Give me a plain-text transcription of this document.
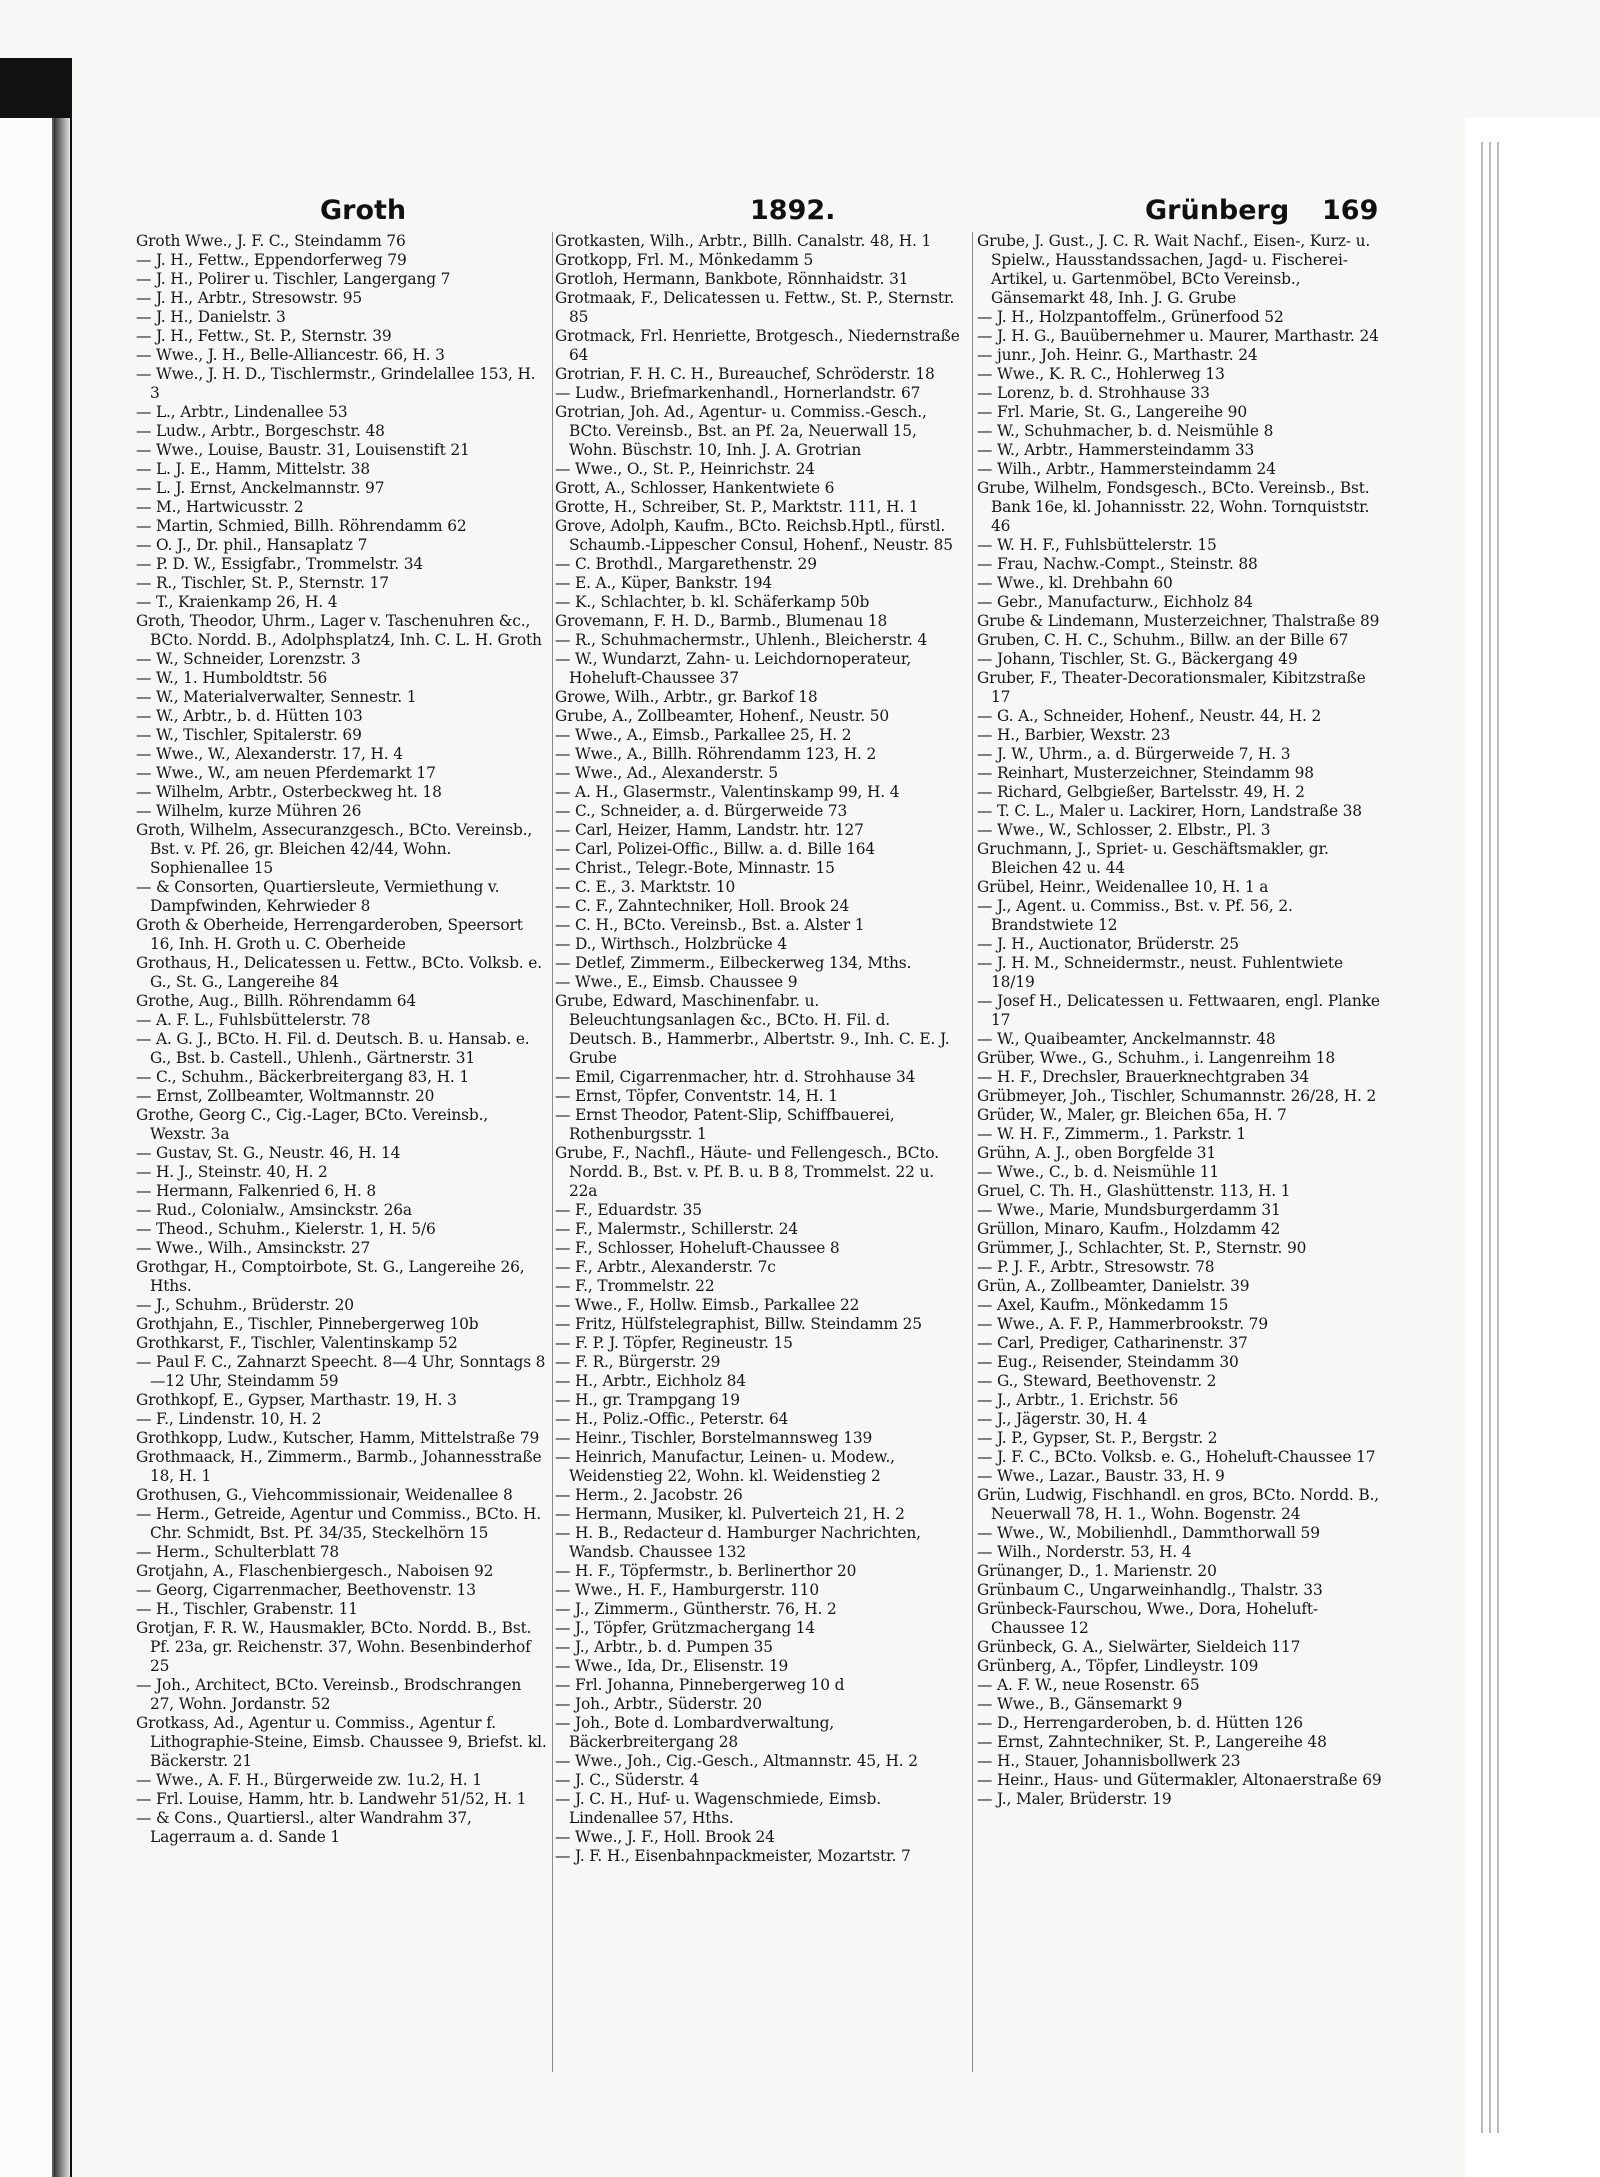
Groth	1892.	Grünberg 169
Groth Wwe., J. F. C., Steindamm 76
— J. H., Fettw., Eppendorferweg 79
— J. H., Polirer u. Tischler, Langergang 7
— J. H., Arbtr., Stresowstr. 95
— J. H., Danielstr. 3
— J. H., Fettw., St. P., Sternstr. 39
— Wwe., J. H., Belle-Alliancestr. 66, H. 3
— Wwe., J. H. D., Tischlermstr., Grindelallee 153, H. 3
— L., Arbtr., Lindenallee 53
— Ludw., Arbtr., Borgeschstr. 48
— Wwe., Louise, Baustr. 31, Louisenstift 21
— L. J. E., Hamm, Mittelstr. 38
— L. J. Ernst, Anckelmannstr. 97
— M., Hartwicusstr. 2
— Martin, Schmied, Billh. Röhrendamm 62
— O. J., Dr. phil., Hansaplatz 7
— P. D. W., Essigfabr., Trommelstr. 34
— R., Tischler, St. P., Sternstr. 17
— T., Kraienkamp 26, H. 4
Groth, Theodor, Uhrm., Lager v. Taschenuhren &c., BCto. Nordd. B., Adolphsplatz4, Inh. C. L. H. Groth
— W., Schneider, Lorenzstr. 3
— W., 1. Humboldtstr. 56
— W., Materialverwalter, Sennestr. 1
— W., Arbtr., b. d. Hütten 103
— W., Tischler, Spitalerstr. 69
— Wwe., W., Alexanderstr. 17, H. 4
— Wwe., W., am neuen Pferdemarkt 17
— Wilhelm, Arbtr., Osterbeckweg ht. 18
— Wilhelm, kurze Mühren 26
Groth, Wilhelm, Assecuranzgesch., BCto. Vereinsb., Bst. v. Pf. 26, gr. Bleichen 42/44, Wohn. Sophienallee 15
— & Consorten, Quartiersleute, Vermiethung v. Dampfwinden, Kehrwieder 8
Groth & Oberheide, Herrengarderoben, Speersort 16, Inh. H. Groth u. C. Oberheide
Grothaus, H., Delicatessen u. Fettw., BCto. Volksb. e. G., St. G., Langereihe 84
Grothe, Aug., Billh. Röhrendamm 64
— A. F. L., Fuhlsbüttelerstr. 78
— A. G. J., BCto. H. Fil. d. Deutsch. B. u. Hansab. e. G., Bst. b. Castell., Uhlenh., Gärtnerstr. 31
— C., Schuhm., Bäckerbreitergang 83, H. 1
— Ernst, Zollbeamter, Woltmannstr. 20
Grothe, Georg C., Cig.-Lager, BCto. Vereinsb., Wexstr. 3a
— Gustav, St. G., Neustr. 46, H. 14
— H. J., Steinstr. 40, H. 2
— Hermann, Falkenried 6, H. 8
— Rud., Colonialw., Amsinckstr. 26a
— Theod., Schuhm., Kielerstr. 1, H. 5/6
— Wwe., Wilh., Amsinckstr. 27
Grothgar, H., Comptoirbote, St. G., Langereihe 26, Hths.
— J., Schuhm., Brüderstr. 20
Grothjahn, E., Tischler, Pinnebergerweg 10b
Grothkarst, F., Tischler, Valentinskamp 52
— Paul F. C., Zahnarzt Speecht. 8—4 Uhr, Sonntags 8—12 Uhr, Steindamm 59
Grothkopf, E., Gypser, Marthastr. 19, H. 3
— F., Lindenstr. 10, H. 2
Grothkopp, Ludw., Kutscher, Hamm, Mittelstraße 79
Grothmaack, H., Zimmerm., Barmb., Johannesstraße 18, H. 1
Grothusen, G., Viehcommissionair, Weidenallee 8
— Herm., Getreide, Agentur und Commiss., BCto. H. Chr. Schmidt, Bst. Pf. 34/35, Steckelhörn 15
— Herm., Schulterblatt 78
Grotjahn, A., Flaschenbiergesch., Naboisen 92
— Georg, Cigarrenmacher, Beethovenstr. 13
— H., Tischler, Grabenstr. 11
Grotjan, F. R. W., Hausmakler, BCto. Nordd. B., Bst. Pf. 23a, gr. Reichenstr. 37, Wohn. Besenbinderhof 25
— Joh., Architect, BCto. Vereinsb., Brodschrangen 27, Wohn. Jordanstr. 52
Grotkass, Ad., Agentur u. Commiss., Agentur f. Lithographie-Steine, Eimsb. Chaussee 9, Briefst. kl. Bäckerstr. 21
— Wwe., A. F. H., Bürgerweide zw. 1u.2, H. 1
— Frl. Louise, Hamm, htr. b. Landwehr 51/52, H. 1
— & Cons., Quartiersl., alter Wandrahm 37, Lagerraum a. d. Sande 1
Grotkasten, Wilh., Arbtr., Billh. Canalstr. 48, H. 1
Grotkopp, Frl. M., Mönkedamm 5
Grotloh, Hermann, Bankbote, Rönnhaidstr. 31
Grotmaak, F., Delicatessen u. Fettw., St. P., Sternstr. 85
Grotmack, Frl. Henriette, Brotgesch., Niedernstraße 64
Grotrian, F. H. C. H., Bureauchef, Schröderstr. 18
— Ludw., Briefmarkenhandl., Hornerlandstr. 67
Grotrian, Joh. Ad., Agentur- u. Commiss.-Gesch., BCto. Vereinsb., Bst. an Pf. 2a, Neuerwall 15, Wohn. Büschstr. 10, Inh. J. A. Grotrian
— Wwe., O., St. P., Heinrichstr. 24
Grott, A., Schlosser, Hankentwiete 6
Grotte, H., Schreiber, St. P., Marktstr. 111, H. 1
Grove, Adolph, Kaufm., BCto. Reichsb.Hptl., fürstl. Schaumb.-Lippescher Consul, Hohenf., Neustr. 85
— C. Brothdl., Margarethenstr. 29
— E. A., Küper, Bankstr. 194
— K., Schlachter, b. kl. Schäferkamp 50b
Grovemann, F. H. D., Barmb., Blumenau 18
— R., Schuhmachermstr., Uhlenh., Bleicherstr. 4
— W., Wundarzt, Zahn- u. Leichdornoperateur, Hoheluft-Chaussee 37
Growe, Wilh., Arbtr., gr. Barkof 18
Grube, A., Zollbeamter, Hohenf., Neustr. 50
— Wwe., A., Eimsb., Parkallee 25, H. 2
— Wwe., A., Billh. Röhrendamm 123, H. 2
— Wwe., Ad., Alexanderstr. 5
— A. H., Glasermstr., Valentinskamp 99, H. 4
— C., Schneider, a. d. Bürgerweide 73
— Carl, Heizer, Hamm, Landstr. htr. 127
— Carl, Polizei-Offic., Billw. a. d. Bille 164
— Christ., Telegr.-Bote, Minnastr. 15
— C. E., 3. Marktstr. 10
— C. F., Zahntechniker, Holl. Brook 24
— C. H., BCto. Vereinsb., Bst. a. Alster 1
— D., Wirthsch., Holzbrücke 4
— Detlef, Zimmerm., Eilbeckerweg 134, Mths.
— Wwe., E., Eimsb. Chaussee 9
Grube, Edward, Maschinenfabr. u. Beleuchtungsanlagen &c., BCto. H. Fil. d. Deutsch. B., Hammerbr., Albertstr. 9., Inh. C. E. J. Grube
— Emil, Cigarrenmacher, htr. d. Strohhause 34
— Ernst, Töpfer, Conventstr. 14, H. 1
— Ernst Theodor, Patent-Slip, Schiffbauerei, Rothenburgsstr. 1
Grube, F., Nachfl., Häute- und Fellengesch., BCto. Nordd. B., Bst. v. Pf. B. u. B 8, Trommelst. 22 u. 22a
— F., Eduardstr. 35
— F., Malermstr., Schillerstr. 24
— F., Schlosser, Hoheluft-Chaussee 8
— F., Arbtr., Alexanderstr. 7c
— F., Trommelstr. 22
— Wwe., F., Hollw. Eimsb., Parkallee 22
— Fritz, Hülfstelegraphist, Billw. Steindamm 25
— F. P. J. Töpfer, Regineustr. 15
— F. R., Bürgerstr. 29
— H., Arbtr., Eichholz 84
— H., gr. Trampgang 19
— H., Poliz.-Offic., Peterstr. 64
— Heinr., Tischler, Borstelmannsweg 139
— Heinrich, Manufactur, Leinen- u. Modew., Weidenstieg 22, Wohn. kl. Weidenstieg 2
— Herm., 2. Jacobstr. 26
— Hermann, Musiker, kl. Pulverteich 21, H. 2
— H. B., Redacteur d. Hamburger Nachrichten, Wandsb. Chaussee 132
— H. F., Töpfermstr., b. Berlinerthor 20
— Wwe., H. F., Hamburgerstr. 110
— J., Zimmerm., Güntherstr. 76, H. 2
— J., Töpfer, Grützmachergang 14
— J., Arbtr., b. d. Pumpen 35
— Wwe., Ida, Dr., Elisenstr. 19
— Frl. Johanna, Pinnebergerweg 10 d
— Joh., Arbtr., Süderstr. 20
— Joh., Bote d. Lombardverwaltung, Bäckerbreitergang 28
— Wwe., Joh., Cig.-Gesch., Altmannstr. 45, H. 2
— J. C., Süderstr. 4
— J. C. H., Huf- u. Wagenschmiede, Eimsb. Lindenallee 57, Hths.
— Wwe., J. F., Holl. Brook 24
— J. F. H., Eisenbahnpackmeister, Mozartstr. 7
Grube, J. Gust., J. C. R. Wait Nachf., Eisen-, Kurz- u. Spielw., Hausstandssachen, Jagd- u. Fischerei-Artikel, u. Gartenmöbel, BCto Vereinsb., Gänsemarkt 48, Inh. J. G. Grube
— J. H., Holzpantoffelm., Grünerfood 52
— J. H. G., Bauübernehmer u. Maurer, Marthastr. 24
— junr., Joh. Heinr. G., Marthastr. 24
— Wwe., K. R. C., Hohlerweg 13
— Lorenz, b. d. Strohhause 33
— Frl. Marie, St. G., Langereihe 90
— W., Schuhmacher, b. d. Neismühle 8
— W., Arbtr., Hammersteindamm 33
— Wilh., Arbtr., Hammersteindamm 24
Grube, Wilhelm, Fondsgesch., BCto. Vereinsb., Bst. Bank 16e, kl. Johannisstr. 22, Wohn. Tornquiststr. 46
— W. H. F., Fuhlsbüttelerstr. 15
— Frau, Nachw.-Compt., Steinstr. 88
— Wwe., kl. Drehbahn 60
— Gebr., Manufacturw., Eichholz 84
Grube & Lindemann, Musterzeichner, Thalstraße 89
Gruben, C. H. C., Schuhm., Billw. an der Bille 67
— Johann, Tischler, St. G., Bäckergang 49
Gruber, F., Theater-Decorationsmaler, Kibitzstraße 17
— G. A., Schneider, Hohenf., Neustr. 44, H. 2
— H., Barbier, Wexstr. 23
— J. W., Uhrm., a. d. Bürgerweide 7, H. 3
— Reinhart, Musterzeichner, Steindamm 98
— Richard, Gelbgießer, Bartelsstr. 49, H. 2
— T. C. L., Maler u. Lackirer, Horn, Landstraße 38
— Wwe., W., Schlosser, 2. Elbstr., Pl. 3
Gruchmann, J., Spriet- u. Geschäftsmakler, gr. Bleichen 42 u. 44
Grübel, Heinr., Weidenallee 10, H. 1 a
— J., Agent. u. Commiss., Bst. v. Pf. 56, 2. Brandstwiete 12
— J. H., Auctionator, Brüderstr. 25
— J. H. M., Schneidermstr., neust. Fuhlentwiete 18/19
— Josef H., Delicatessen u. Fettwaaren, engl. Planke 17
— W., Quaibeamter, Anckelmannstr. 48
Grüber, Wwe., G., Schuhm., i. Langenreihm 18
— H. F., Drechsler, Brauerknechtgraben 34
Grübmeyer, Joh., Tischler, Schumannstr. 26/28, H. 2
Grüder, W., Maler, gr. Bleichen 65a, H. 7
— W. H. F., Zimmerm., 1. Parkstr. 1
Grühn, A. J., oben Borgfelde 31
— Wwe., C., b. d. Neismühle 11
Gruel, C. Th. H., Glashüttenstr. 113, H. 1
— Wwe., Marie, Mundsburgerdamm 31
Grüllon, Minaro, Kaufm., Holzdamm 42
Grümmer, J., Schlachter, St. P., Sternstr. 90
— P. J. F., Arbtr., Stresowstr. 78
Grün, A., Zollbeamter, Danielstr. 39
— Axel, Kaufm., Mönkedamm 15
— Wwe., A. F. P., Hammerbrookstr. 79
— Carl, Prediger, Catharinenstr. 37
— Eug., Reisender, Steindamm 30
— G., Steward, Beethovenstr. 2
— J., Arbtr., 1. Erichstr. 56
— J., Jägerstr. 30, H. 4
— J. P., Gypser, St. P., Bergstr. 2
— J. F. C., BCto. Volksb. e. G., Hoheluft-Chaussee 17
— Wwe., Lazar., Baustr. 33, H. 9
Grün, Ludwig, Fischhandl. en gros, BCto. Nordd. B., Neuerwall 78, H. 1., Wohn. Bogenstr. 24
— Wwe., W., Mobilienhdl., Dammthorwall 59
— Wilh., Norderstr. 53, H. 4
Grünanger, D., 1. Marienstr. 20
Grünbaum C., Ungarweinhandlg., Thalstr. 33
Grünbeck-Faurschou, Wwe., Dora, Hoheluft-Chaussee 12
Grünbeck, G. A., Sielwärter, Sieldeich 117
Grünberg, A., Töpfer, Lindleystr. 109
— A. F. W., neue Rosenstr. 65
— Wwe., B., Gänsemarkt 9
— D., Herrengarderoben, b. d. Hütten 126
— Ernst, Zahntechniker, St. P., Langereihe 48
— H., Stauer, Johannisbollwerk 23
— Heinr., Haus- und Gütermakler, Altonaerstraße 69
— J., Maler, Brüderstr. 19
